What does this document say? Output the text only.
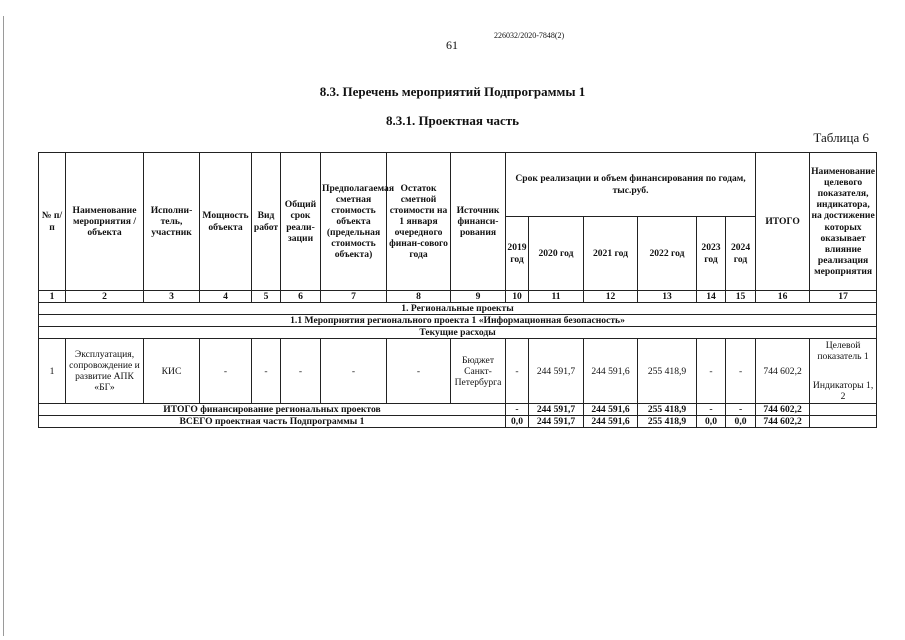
226032/2020-7848(2)
61
8.3. Перечень мероприятий Подпрограммы 1
8.3.1. Проектная часть
Таблица 6
№ п/п	Наименование мероприятия / объекта	Исполни-тель, участник	Мощность объекта	Вид работ	Общий срок реали-зации	Предполагаемая сметная стоимость объекта (предельная стоимость объекта)	Остаток сметной стоимости на 1 января очередного финан-сового года	Источник финанси-рования	Срок реализации и объем финансирования по годам, тыс.руб.						ИТОГО	Наименование целевого показателя, индикатора, на достижение которых оказывает влияние реализация мероприятия
									2019 год	2020 год	2021 год	2022 год	2023 год	2024 год		
1	2	3	4	5	6	7	8	9	10	11	12	13	14	15	16	17
1. Региональные проекты																
1.1 Мероприятия регионального проекта 1 «Информационная безопасность»																
Текущие расходы																
1	Эксплуатация, сопровождение и развитие АПК «БГ»	КИС	-	-	-	-	-	Бюджет Санкт-Петербурга	-	244 591,7	244 591,6	255 418,9	-	-	744 602,2	Целевой показатель 1
Индикаторы 1, 2
ИТОГО финансирование региональных проектов									-	244 591,7	244 591,6	255 418,9	-	-	744 602,2	
ВСЕГО проектная часть Подпрограммы 1									0,0	244 591,7	244 591,6	255 418,9	0,0	0,0	744 602,2	
